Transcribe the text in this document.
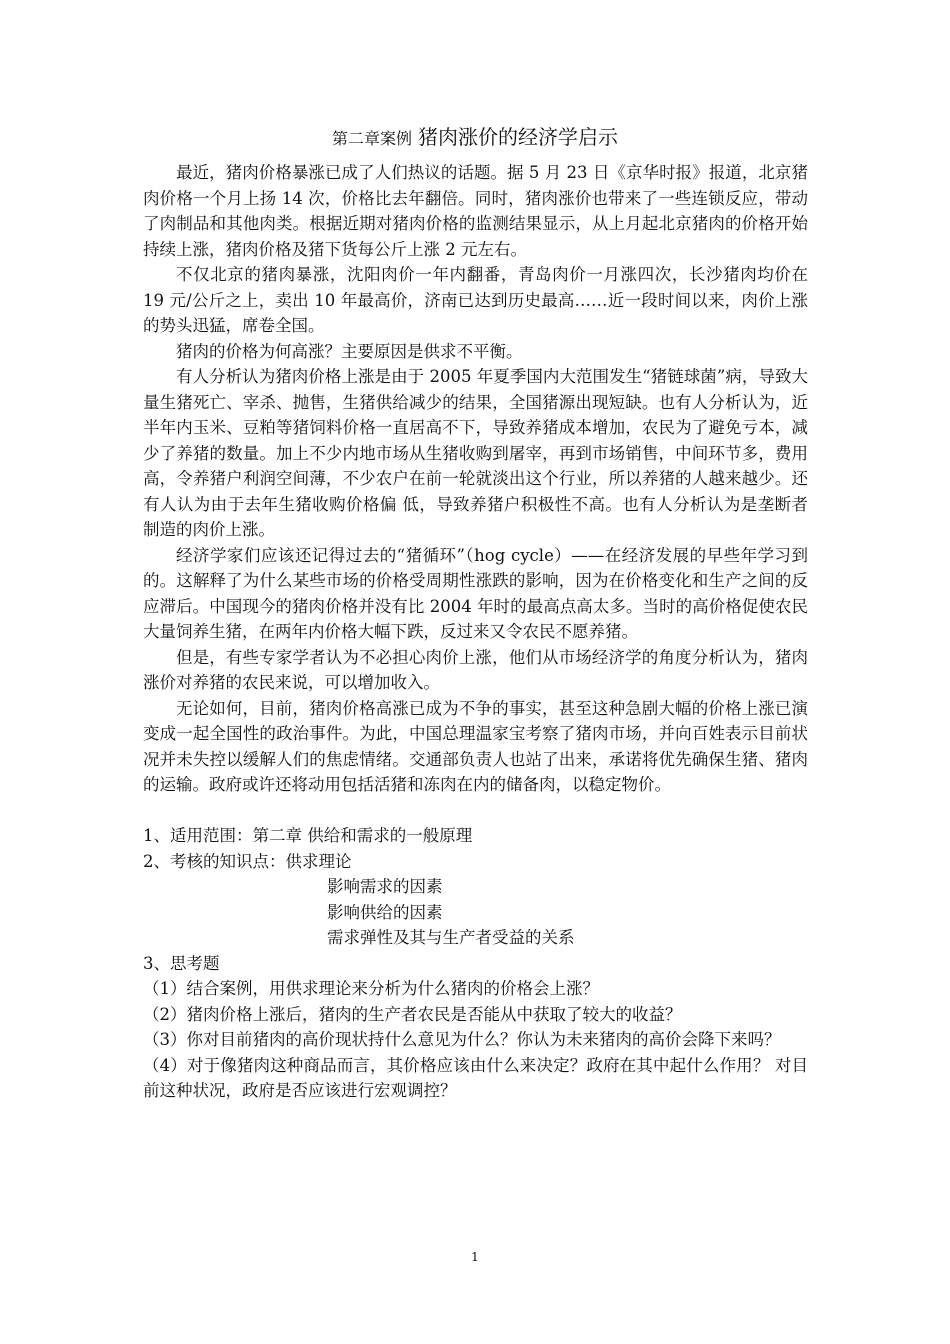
第二章案例 猪肉涨价的经济学启示

最近，猪肉价格暴涨已成了人们热议的话题。据 5 月 23 日《京华时报》报道，北京猪肉价格一个月上扬 14 次，价格比去年翻倍。同时，猪肉涨价也带来了一些连锁反应，带动了肉制品和其他肉类。根据近期对猪肉价格的监测结果显示，从上月起北京猪肉的价格开始持续上涨，猪肉价格及猪下货每公斤上涨 2 元左右。

不仅北京的猪肉暴涨，沈阳肉价一年内翻番，青岛肉价一月涨四次，长沙猪肉均价在 19 元/公斤之上，卖出 10 年最高价，济南已达到历史最高……近一段时间以来，肉价上涨的势头迅猛，席卷全国。

猪肉的价格为何高涨？主要原因是供求不平衡。

有人分析认为猪肉价格上涨是由于 2005 年夏季国内大范围发生“猪链球菌”病，导致大量生猪死亡、宰杀、抛售，生猪供给减少的结果，全国猪源出现短缺。也有人分析认为，近半年内玉米、豆粕等猪饲料价格一直居高不下，导致养猪成本增加，农民为了避免亏本，减少了养猪的数量。加上不少内地市场从生猪收购到屠宰，再到市场销售，中间环节多，费用高，令养猪户利润空间薄，不少农户在前一轮就淡出这个行业，所以养猪的人越来越少。还有人认为由于去年生猪收购价格偏 低，导致养猪户积极性不高。也有人分析认为是垄断者制造的肉价上涨。

经济学家们应该还记得过去的“猪循环”（hog cycle）——在经济发展的早些年学习到的。这解释了为什么某些市场的价格受周期性涨跌的影响，因为在价格变化和生产之间的反应滞后。中国现今的猪肉价格并没有比 2004 年时的最高点高太多。当时的高价格促使农民大量饲养生猪，在两年内价格大幅下跌，反过来又令农民不愿养猪。

但是，有些专家学者认为不必担心肉价上涨，他们从市场经济学的角度分析认为，猪肉涨价对养猪的农民来说，可以增加收入。

无论如何，目前，猪肉价格高涨已成为不争的事实，甚至这种急剧大幅的价格上涨已演变成一起全国性的政治事件。为此，中国总理温家宝考察了猪肉市场，并向百姓表示目前状况并未失控以缓解人们的焦虑情绪。交通部负责人也站了出来，承诺将优先确保生猪、猪肉的运输。政府或许还将动用包括活猪和冻肉在内的储备肉，以稳定物价。

1、适用范围：第二章 供给和需求的一般原理

2、考核的知识点：供求理论

影响需求的因素

影响供给的因素

需求弹性及其与生产者受益的关系

3、思考题

（1）结合案例，用供求理论来分析为什么猪肉的价格会上涨？

（2）猪肉价格上涨后，猪肉的生产者农民是否能从中获取了较大的收益？

（3）你对目前猪肉的高价现状持什么意见为什么？你认为未来猪肉的高价会降下来吗？

（4）对于像猪肉这种商品而言，其价格应该由什么来决定？政府在其中起什么作用？ 对目前这种状况，政府是否应该进行宏观调控？

1
